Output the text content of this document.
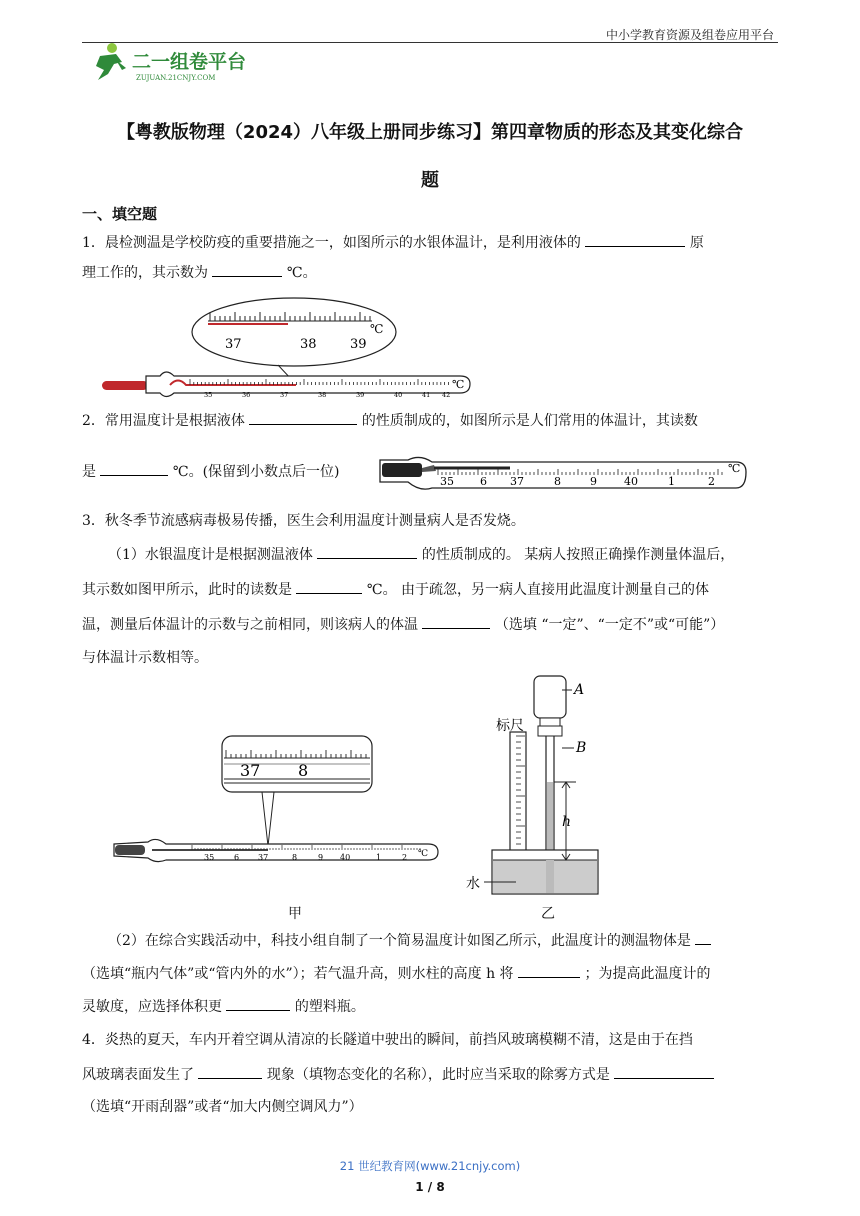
中小学教育资源及组卷应用平台
二一组卷平台
ZUJUAN.21CNJY.COM
【粤教版物理（2024）八年级上册同步练习】第四章物质的形态及其变化综合
题
一、填空题
1．晨检测温是学校防疫的重要措施之一，如图所示的水银体温计，是利用液体的	原
理工作的，其示数为	℃。
℃
37	38	39
35	36	37	38	39	40	41 42
℃
2．常用温度计是根据液体	的性质制成的，如图所示是人们常用的体温计，其读数
是	℃。(保留到小数点后一位)
35 6 37	8	9 40	1	2
℃
3．秋冬季节流感病毒极易传播，医生会利用温度计测量病人是否发烧。
（1）水银温度计是根据测温液体	的性质制成的。 某病人按照正确操作测量体温后，
其示数如图甲所示，此时的读数是	℃。 由于疏忽，另一病人直接用此温度计测量自己的体
温，测量后体温计的示数与之前相同，则该病人的体温	（选填 “一定”、“一定不”或“可能”）
与体温计示数相等。
37 8
35 6 37	8	9 40	1	2 ℃
甲
标尺
A
B
h
水
乙
（2）在综合实践活动中，科技小组自制了一个简易温度计如图乙所示，此温度计的测温物体是
（选填“瓶内气体”或“管内外的水”）；若气温升高，则水柱的高度 h 将	；为提高此温度计的
灵敏度，应选择体积更	的塑料瓶。
4．炎热的夏天，车内开着空调从清凉的长隧道中驶出的瞬间，前挡风玻璃模糊不清，这是由于在挡
风玻璃表面发生了	现象（填物态变化的名称），此时应当采取的除雾方式是
（选填“开雨刮器”或者“加大内侧空调风力”）
21 世纪教育网(www.21cnjy.com)
1 / 8
